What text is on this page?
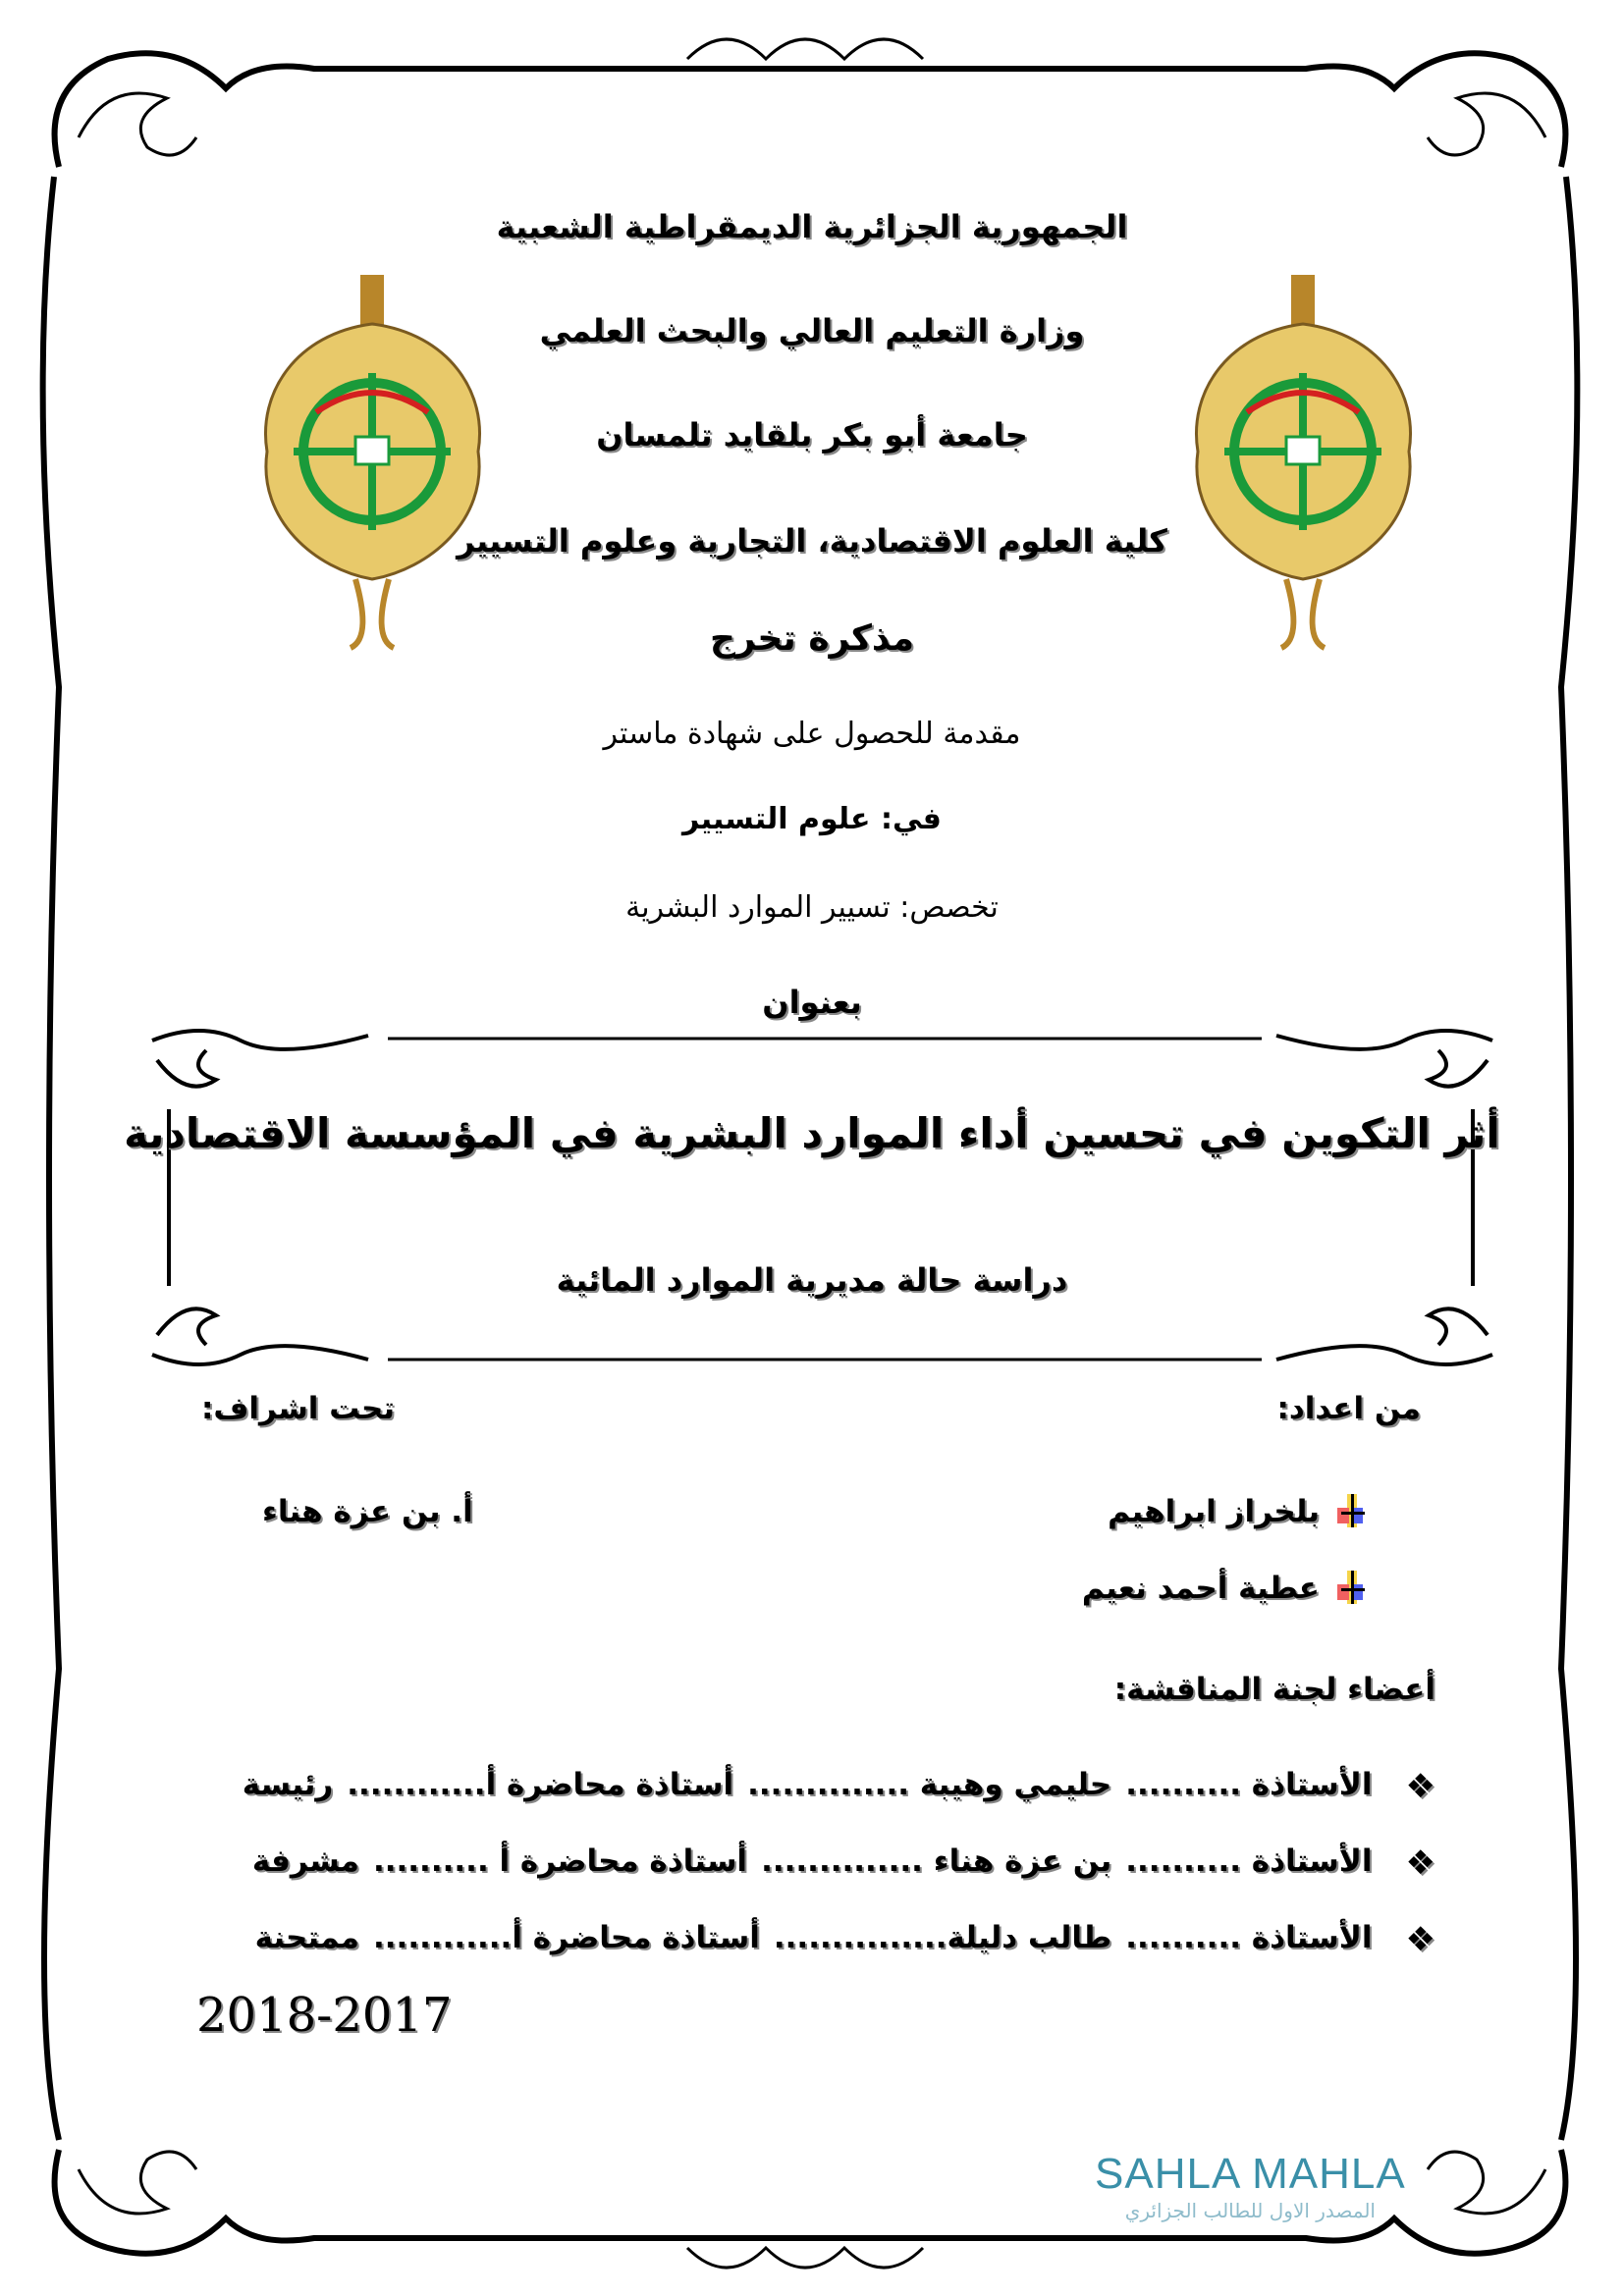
الجمهورية الجزائرية الديمقراطية الشعبية
وزارة التعليم العالي والبحث العلمي
جامعة أبو بكر بلقايد تلمسان
كلية العلوم الاقتصادية، التجارية وعلوم التسيير
مذكرة تخرج
مقدمة للحصول على شهادة ماستر
في: علوم التسيير
تخصص: تسيير الموارد البشرية
بعنوان
أثر التكوين في تحسين أداء الموارد البشرية في المؤسسة الاقتصادية
دراسة حالة مديرية الموارد المائية
من اعداد:
تحت اشراف:
بلخراز ابراهيم
عطية أحمد نعيم
أ. بن عزة هناء
أعضاء لجنة المناقشة:
❖
الأستاذة ..........
حليمي وهيبة ..............
أستاذة محاضرة أ............
رئيسة
❖
الأستاذة ..........
بن عزة هناء ..............
أستاذة محاضرة أ ..........
مشرفة
❖
الأستاذة ..........
طالب دليلة...............
أستاذة محاضرة أ............
ممتحنة
2018-2017
SAHLA MAHLA
المصدر الاول للطالب الجزائري
